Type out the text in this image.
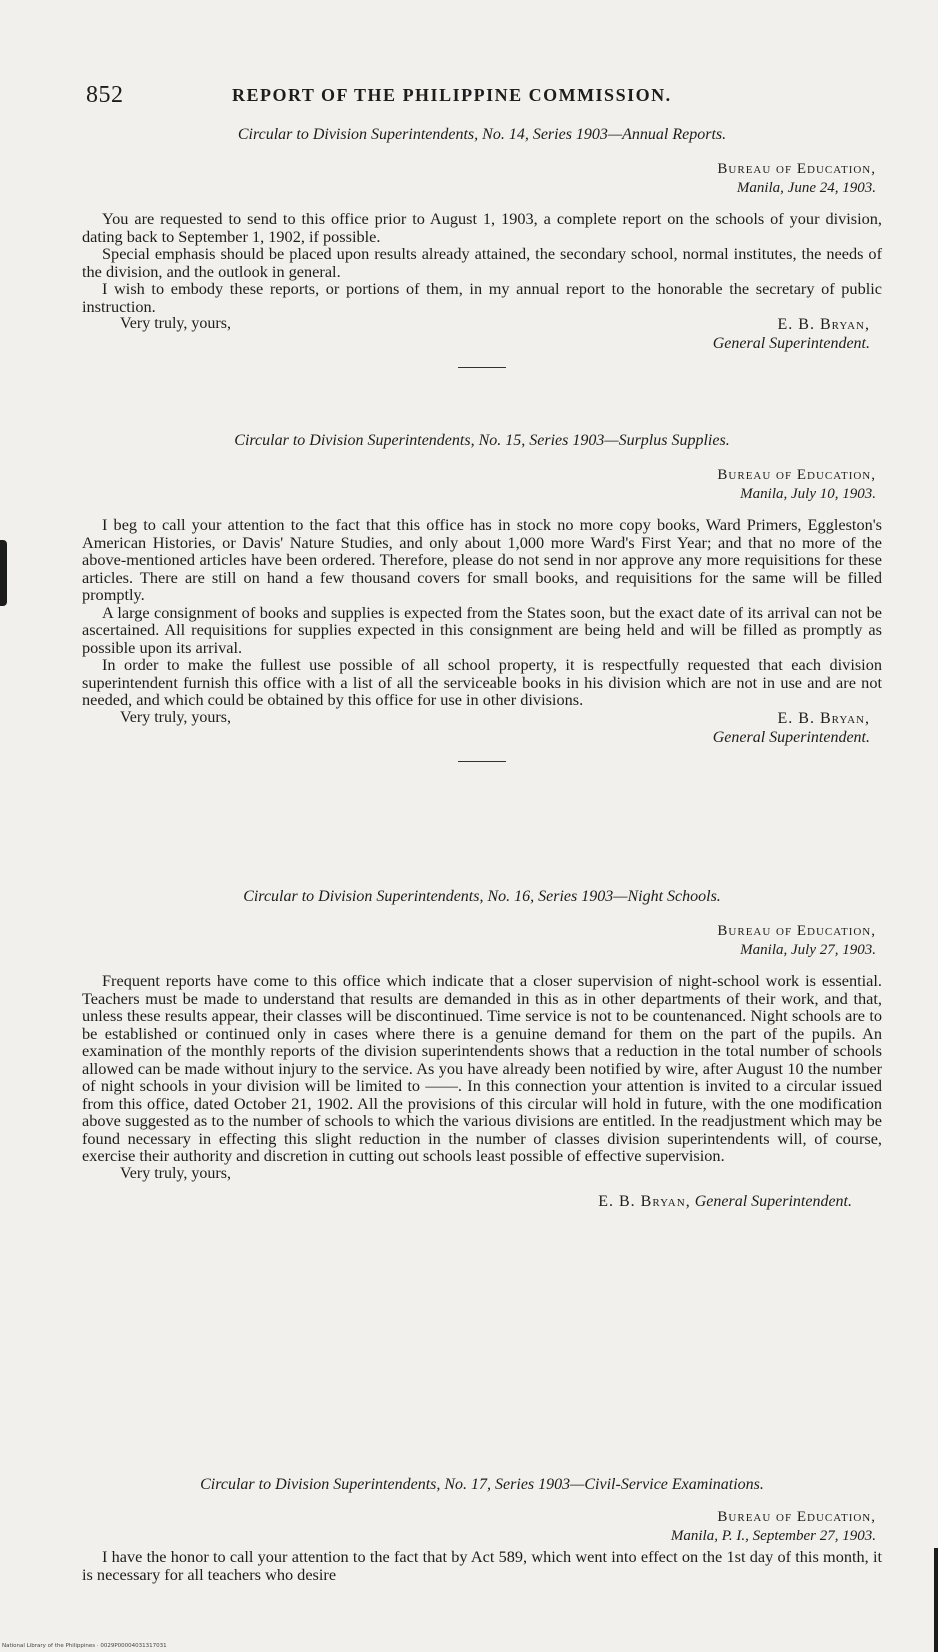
852	REPORT OF THE PHILIPPINE COMMISSION.

Circular to Division Superintendents, No. 14, Series 1903—Annual Reports.

Bureau of Education,
Manila, June 24, 1903.

You are requested to send to this office prior to August 1, 1903, a complete report on the schools of your division, dating back to September 1, 1902, if possible.

Special emphasis should be placed upon results already attained, the secondary school, normal institutes, the needs of the division, and the outlook in general.

I wish to embody these reports, or portions of them, in my annual report to the honorable the secretary of public instruction.

Very truly, yours,	E. B. Bryan,
General Superintendent.

Circular to Division Superintendents, No. 15, Series 1903—Surplus Supplies.

Bureau of Education,
Manila, July 10, 1903.

I beg to call your attention to the fact that this office has in stock no more copy books, Ward Primers, Eggleston's American Histories, or Davis' Nature Studies, and only about 1,000 more Ward's First Year; and that no more of the above-mentioned articles have been ordered. Therefore, please do not send in nor approve any more requisitions for these articles. There are still on hand a few thousand covers for small books, and requisitions for the same will be filled promptly.

A large consignment of books and supplies is expected from the States soon, but the exact date of its arrival can not be ascertained. All requisitions for supplies expected in this consignment are being held and will be filled as promptly as possible upon its arrival.

In order to make the fullest use possible of all school property, it is respectfully requested that each division superintendent furnish this office with a list of all the serviceable books in his division which are not in use and are not needed, and which could be obtained by this office for use in other divisions.

Very truly, yours,	E. B. Bryan,
General Superintendent.

Circular to Division Superintendents, No. 16, Series 1903—Night Schools.

Bureau of Education,
Manila, July 27, 1903.

Frequent reports have come to this office which indicate that a closer supervision of night-school work is essential. Teachers must be made to understand that results are demanded in this as in other departments of their work, and that, unless these results appear, their classes will be discontinued. Time service is not to be countenanced. Night schools are to be established or continued only in cases where there is a genuine demand for them on the part of the pupils. An examination of the monthly reports of the division superintendents shows that a reduction in the total number of schools allowed can be made without injury to the service. As you have already been notified by wire, after August 10 the number of night schools in your division will be limited to ——. In this connection your attention is invited to a circular issued from this office, dated October 21, 1902. All the provisions of this circular will hold in future, with the one modification above suggested as to the number of schools to which the various divisions are entitled. In the readjustment which may be found necessary in effecting this slight reduction in the number of classes division superintendents will, of course, exercise their authority and discretion in cutting out schools least possible of effective supervision.

Very truly, yours,
E. B. Bryan, General Superintendent.

Circular to Division Superintendents, No. 17, Series 1903—Civil-Service Examinations.

Bureau of Education,
Manila, P. I., September 27, 1903.

I have the honor to call your attention to the fact that by Act 589, which went into effect on the 1st day of this month, it is necessary for all teachers who desire

National Library of the Philippines · 0029P00004031317031
